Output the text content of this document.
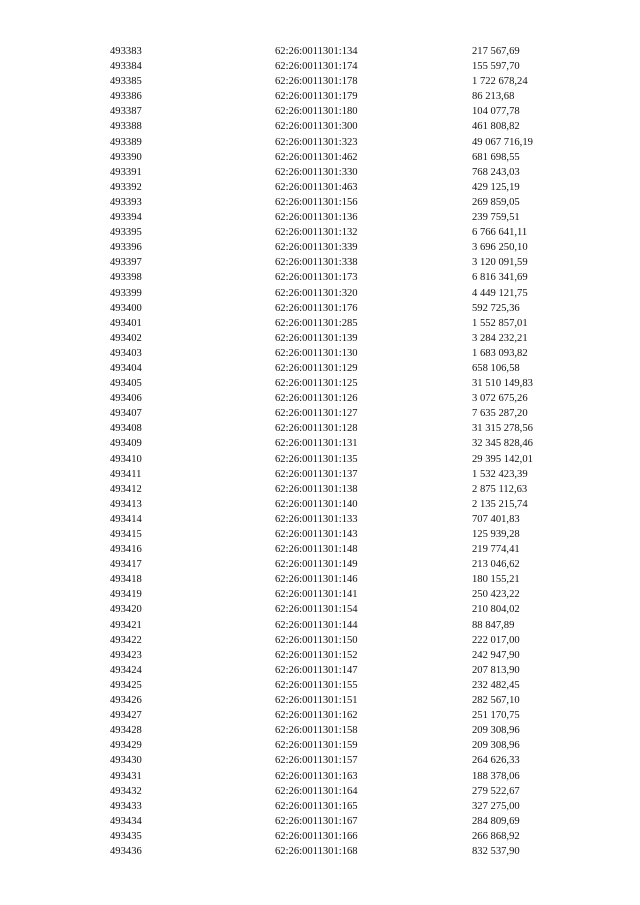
493383	62:26:0011301:134	217 567,69
493384	62:26:0011301:174	155 597,70
493385	62:26:0011301:178	1 722 678,24
493386	62:26:0011301:179	86 213,68
493387	62:26:0011301:180	104 077,78
493388	62:26:0011301:300	461 808,82
493389	62:26:0011301:323	49 067 716,19
493390	62:26:0011301:462	681 698,55
493391	62:26:0011301:330	768 243,03
493392	62:26:0011301:463	429 125,19
493393	62:26:0011301:156	269 859,05
493394	62:26:0011301:136	239 759,51
493395	62:26:0011301:132	6 766 641,11
493396	62:26:0011301:339	3 696 250,10
493397	62:26:0011301:338	3 120 091,59
493398	62:26:0011301:173	6 816 341,69
493399	62:26:0011301:320	4 449 121,75
493400	62:26:0011301:176	592 725,36
493401	62:26:0011301:285	1 552 857,01
493402	62:26:0011301:139	3 284 232,21
493403	62:26:0011301:130	1 683 093,82
493404	62:26:0011301:129	658 106,58
493405	62:26:0011301:125	31 510 149,83
493406	62:26:0011301:126	3 072 675,26
493407	62:26:0011301:127	7 635 287,20
493408	62:26:0011301:128	31 315 278,56
493409	62:26:0011301:131	32 345 828,46
493410	62:26:0011301:135	29 395 142,01
493411	62:26:0011301:137	1 532 423,39
493412	62:26:0011301:138	2 875 112,63
493413	62:26:0011301:140	2 135 215,74
493414	62:26:0011301:133	707 401,83
493415	62:26:0011301:143	125 939,28
493416	62:26:0011301:148	219 774,41
493417	62:26:0011301:149	213 046,62
493418	62:26:0011301:146	180 155,21
493419	62:26:0011301:141	250 423,22
493420	62:26:0011301:154	210 804,02
493421	62:26:0011301:144	88 847,89
493422	62:26:0011301:150	222 017,00
493423	62:26:0011301:152	242 947,90
493424	62:26:0011301:147	207 813,90
493425	62:26:0011301:155	232 482,45
493426	62:26:0011301:151	282 567,10
493427	62:26:0011301:162	251 170,75
493428	62:26:0011301:158	209 308,96
493429	62:26:0011301:159	209 308,96
493430	62:26:0011301:157	264 626,33
493431	62:26:0011301:163	188 378,06
493432	62:26:0011301:164	279 522,67
493433	62:26:0011301:165	327 275,00
493434	62:26:0011301:167	284 809,69
493435	62:26:0011301:166	266 868,92
493436	62:26:0011301:168	832 537,90
